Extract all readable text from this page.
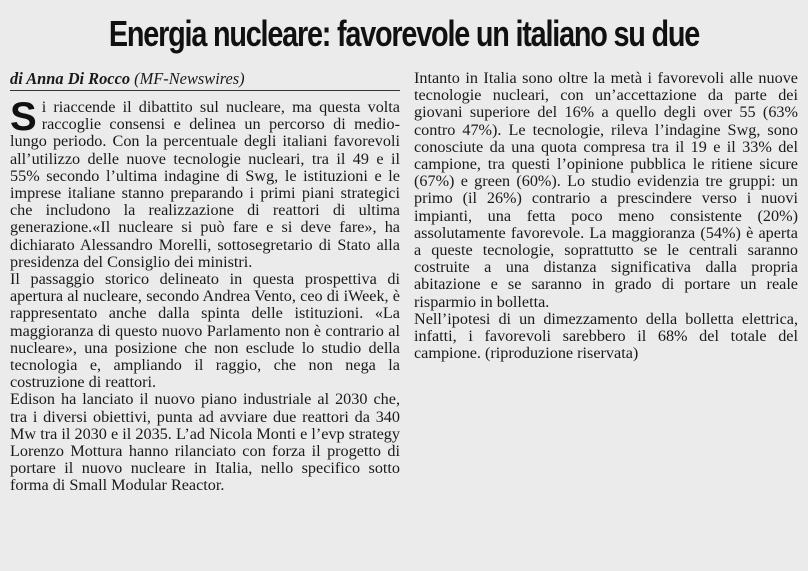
Energia nucleare: favorevole un italiano su due
di Anna Di Rocco (MF-Newswires)

Si riaccende il dibattito sul nucleare, ma questa volta raccoglie consensi e delinea un percorso di medio-lungo periodo. Con la percentuale degli italiani favorevoli all’utilizzo delle nuove tecnologie nucleari, tra il 49 e il 55% secondo l’ultima indagine di Swg, le istituzioni e le imprese italiane stanno preparando i primi piani strategici che includono la realizzazione di reattori di ultima generazione.«Il nucleare si può fare e si deve fare», ha dichiarato Alessandro Morelli, sottosegretario di Stato alla presidenza del Consiglio dei ministri.

Il passaggio storico delineato in questa prospettiva di apertura al nucleare, secondo Andrea Vento, ceo di iWeek, è rappresentato anche dalla spinta delle istituzioni. «La maggioranza di questo nuovo Parlamento non è contrario al nucleare», una posizione che non esclude lo studio della tecnologia e, ampliando il raggio, che non nega la costruzione di reattori.

Edison ha lanciato il nuovo piano industriale al 2030 che, tra i diversi obiettivi, punta ad avviare due reattori da 340 Mw tra il 2030 e il 2035. L’ad Nicola Monti e l’evp strategy Lorenzo Mottura hanno rilanciato con forza il progetto di portare il nuovo nucleare in Italia, nello specifico sotto forma di Small Modular Reactor.

Intanto in Italia sono oltre la metà i favorevoli alle nuove tecnologie nucleari, con un’accettazione da parte dei giovani superiore del 16% a quello degli over 55 (63% contro 47%). Le tecnologie, rileva l’indagine Swg, sono conosciute da una quota compresa tra il 19 e il 33% del campione, tra questi l’opinione pubblica le ritiene sicure (67%) e green (60%). Lo studio evidenzia tre gruppi: un primo (il 26%) contrario a prescindere verso i nuovi impianti, una fetta poco meno consistente (20%) assolutamente favorevole. La maggioranza (54%) è aperta a queste tecnologie, soprattutto se le centrali saranno costruite a una distanza significativa dalla propria abitazione e se saranno in grado di portare un reale risparmio in bolletta.

Nell’ipotesi di un dimezzamento della bolletta elettrica, infatti, i favorevoli sarebbero il 68% del totale del campione. (riproduzione riservata)
